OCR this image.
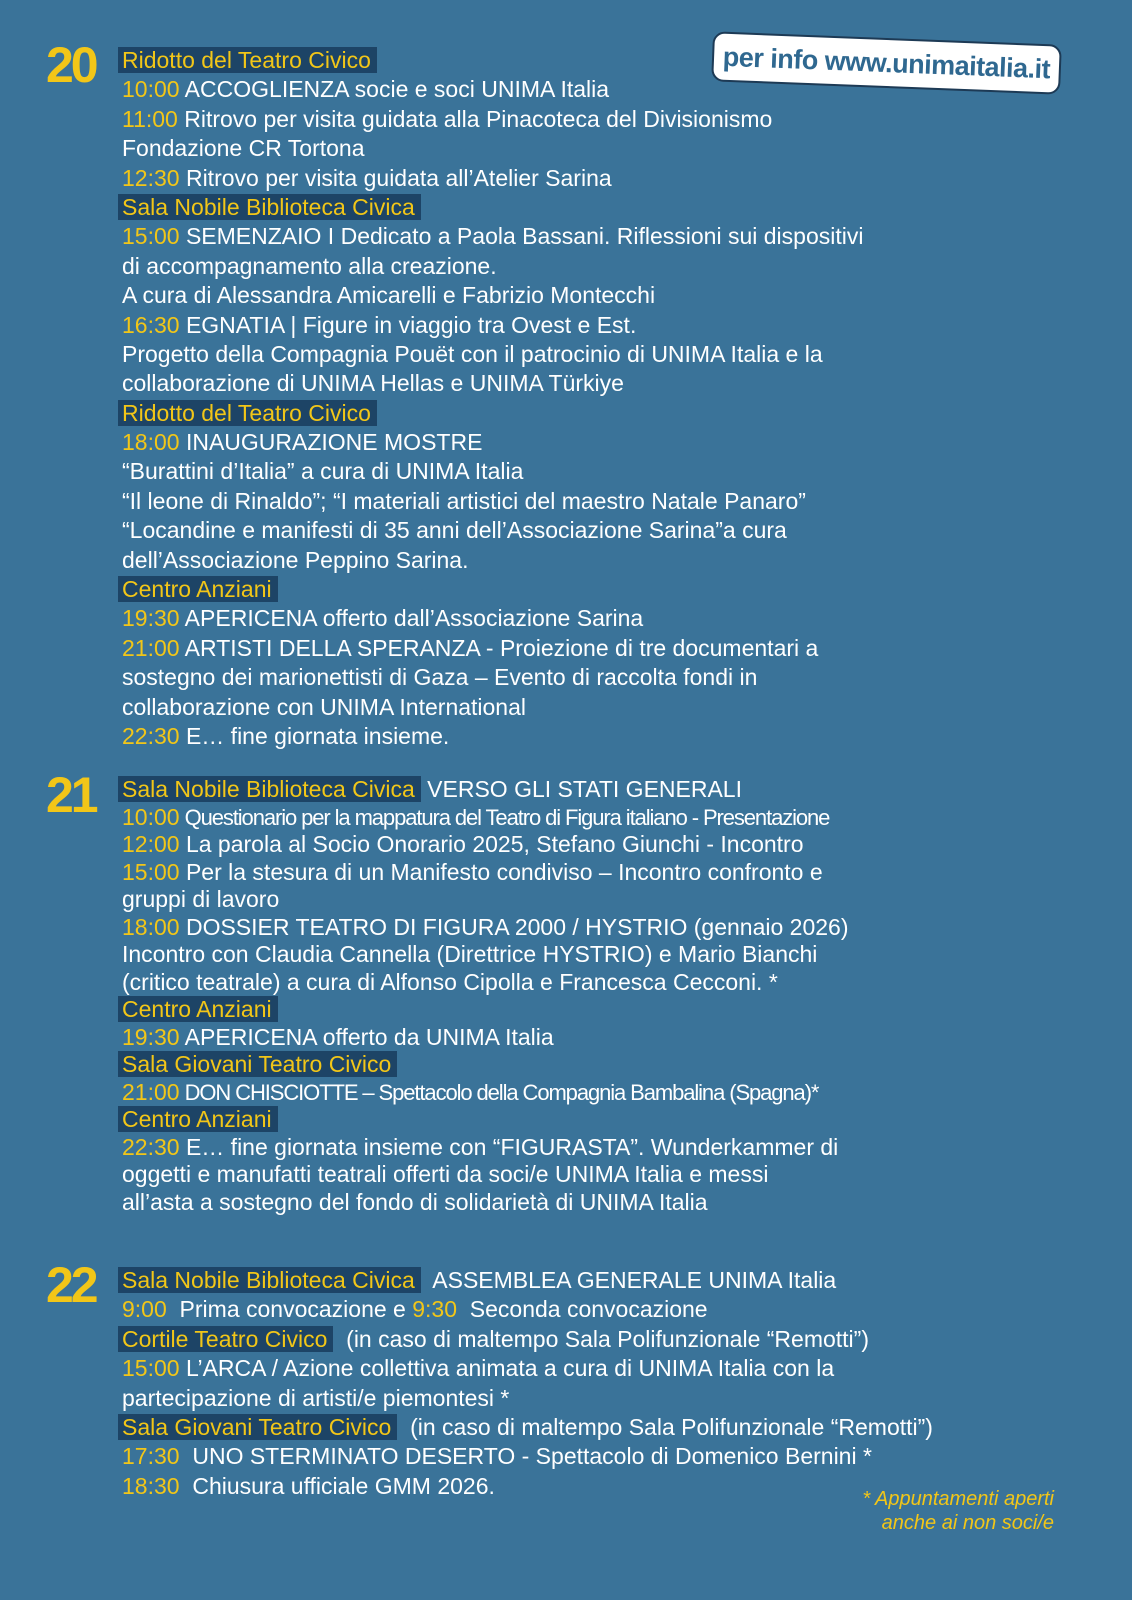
per info www.unimaitalia.it
20 Ridotto del Teatro Civico
10:00 ACCOGLIENZA socie e soci UNIMA Italia
11:00 Ritrovo per visita guidata alla Pinacoteca del Divisionismo
Fondazione CR Tortona
12:30 Ritrovo per visita guidata all’Atelier Sarina
Sala Nobile Biblioteca Civica
15:00 SEMENZAIO I Dedicato a Paola Bassani. Riflessioni sui dispositivi
di accompagnamento alla creazione.
A cura di Alessandra Amicarelli e Fabrizio Montecchi
16:30 EGNATIA | Figure in viaggio tra Ovest e Est.
Progetto della Compagnia Pouët con il patrocinio di UNIMA Italia e la
collaborazione di UNIMA Hellas e UNIMA Türkiye
Ridotto del Teatro Civico
18:00 INAUGURAZIONE MOSTRE
“Burattini d’Italia” a cura di UNIMA Italia
“Il leone di Rinaldo”; “I materiali artistici del maestro Natale Panaro”
“Locandine e manifesti di 35 anni dell’Associazione Sarina”a cura
dell’Associazione Peppino Sarina.
Centro Anziani
19:30 APERICENA offerto dall’Associazione Sarina
21:00 ARTISTI DELLA SPERANZA - Proiezione di tre documentari a
sostegno dei marionettisti di Gaza – Evento di raccolta fondi in
collaborazione con UNIMA International
22:30 E… fine giornata insieme.
21 Sala Nobile Biblioteca Civica VERSO GLI STATI GENERALI
10:00 Questionario per la mappatura del Teatro di Figura italiano - Presentazione
12:00 La parola al Socio Onorario 2025, Stefano Giunchi - Incontro
15:00 Per la stesura di un Manifesto condiviso – Incontro confronto e
gruppi di lavoro
18:00 DOSSIER TEATRO DI FIGURA 2000 / HYSTRIO (gennaio 2026)
Incontro con Claudia Cannella (Direttrice HYSTRIO) e Mario Bianchi
(critico teatrale) a cura di Alfonso Cipolla e Francesca Cecconi. *
Centro Anziani
19:30 APERICENA offerto da UNIMA Italia
Sala Giovani Teatro Civico
21:00 DON CHISCIOTTE – Spettacolo della Compagnia Bambalina (Spagna)*
Centro Anziani
22:30 E… fine giornata insieme con “FIGURASTA”. Wunderkammer di
oggetti e manufatti teatrali offerti da soci/e UNIMA Italia e messi
all’asta a sostegno del fondo di solidarietà di UNIMA Italia
22 Sala Nobile Biblioteca Civica  ASSEMBLEA GENERALE UNIMA Italia
9:00  Prima convocazione e 9:30  Seconda convocazione
Cortile Teatro Civico  (in caso di maltempo Sala Polifunzionale “Remotti”)
15:00 L’ARCA / Azione collettiva animata a cura di UNIMA Italia con la
partecipazione di artisti/e piemontesi *
Sala Giovani Teatro Civico  (in caso di maltempo Sala Polifunzionale “Remotti”)
17:30  UNO STERMINATO DESERTO - Spettacolo di Domenico Bernini *
18:30  Chiusura ufficiale GMM 2026.
* Appuntamenti aperti
anche ai non soci/e
